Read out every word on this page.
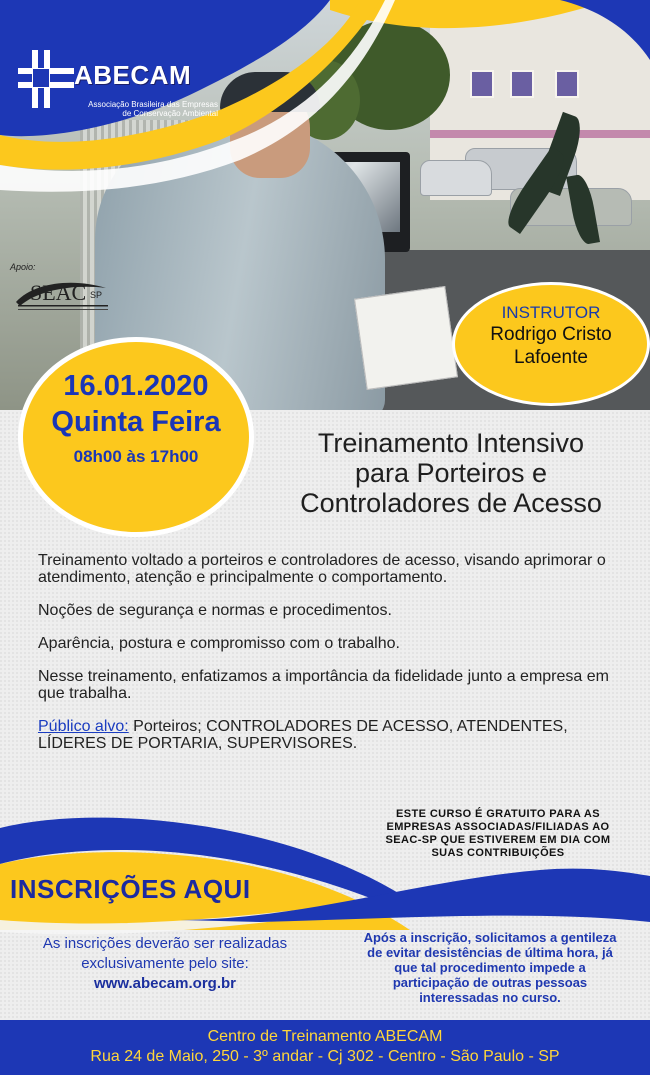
ABECAM
Associação Brasileira das Empresas
de Conservação Ambiental
Apoio:
SEAC SP
INSTRUTOR
Rodrigo Cristo
Lafoente
16.01.2020
Quinta Feira
08h00 às 17h00	Treinamento Intensivo
para Porteiros e
Controladores de Acesso

Treinamento voltado a porteiros e controladores de acesso, visando aprimorar o atendimento, atenção e principalmente o comportamento.

Noções de segurança e normas e procedimentos.

Aparência, postura e compromisso com o trabalho.

Nesse treinamento, enfatizamos a importância da fidelidade junto a empresa em que trabalha.

Público alvo: Porteiros; CONTROLADORES DE ACESSO, ATENDENTES, LÍDERES DE PORTARIA, SUPERVISORES.

ESTE CURSO É GRATUITO PARA AS
EMPRESAS ASSOCIADAS/FILIADAS AO
SEAC-SP QUE ESTIVEREM EM DIA COM
SUAS CONTRIBUIÇÕES
INSCRIÇÕES AQUI
As inscrições deverão ser realizadas
exclusivamente pelo site:
www.abecam.org.br
Após a inscrição, solicitamos a gentileza
de evitar desistências de última hora, já
que tal procedimento impede a
participação de outras pessoas
interessadas no curso.
Centro de Treinamento ABECAM
Rua 24 de Maio, 250 - 3º andar - Cj 302 - Centro - São Paulo - SP
